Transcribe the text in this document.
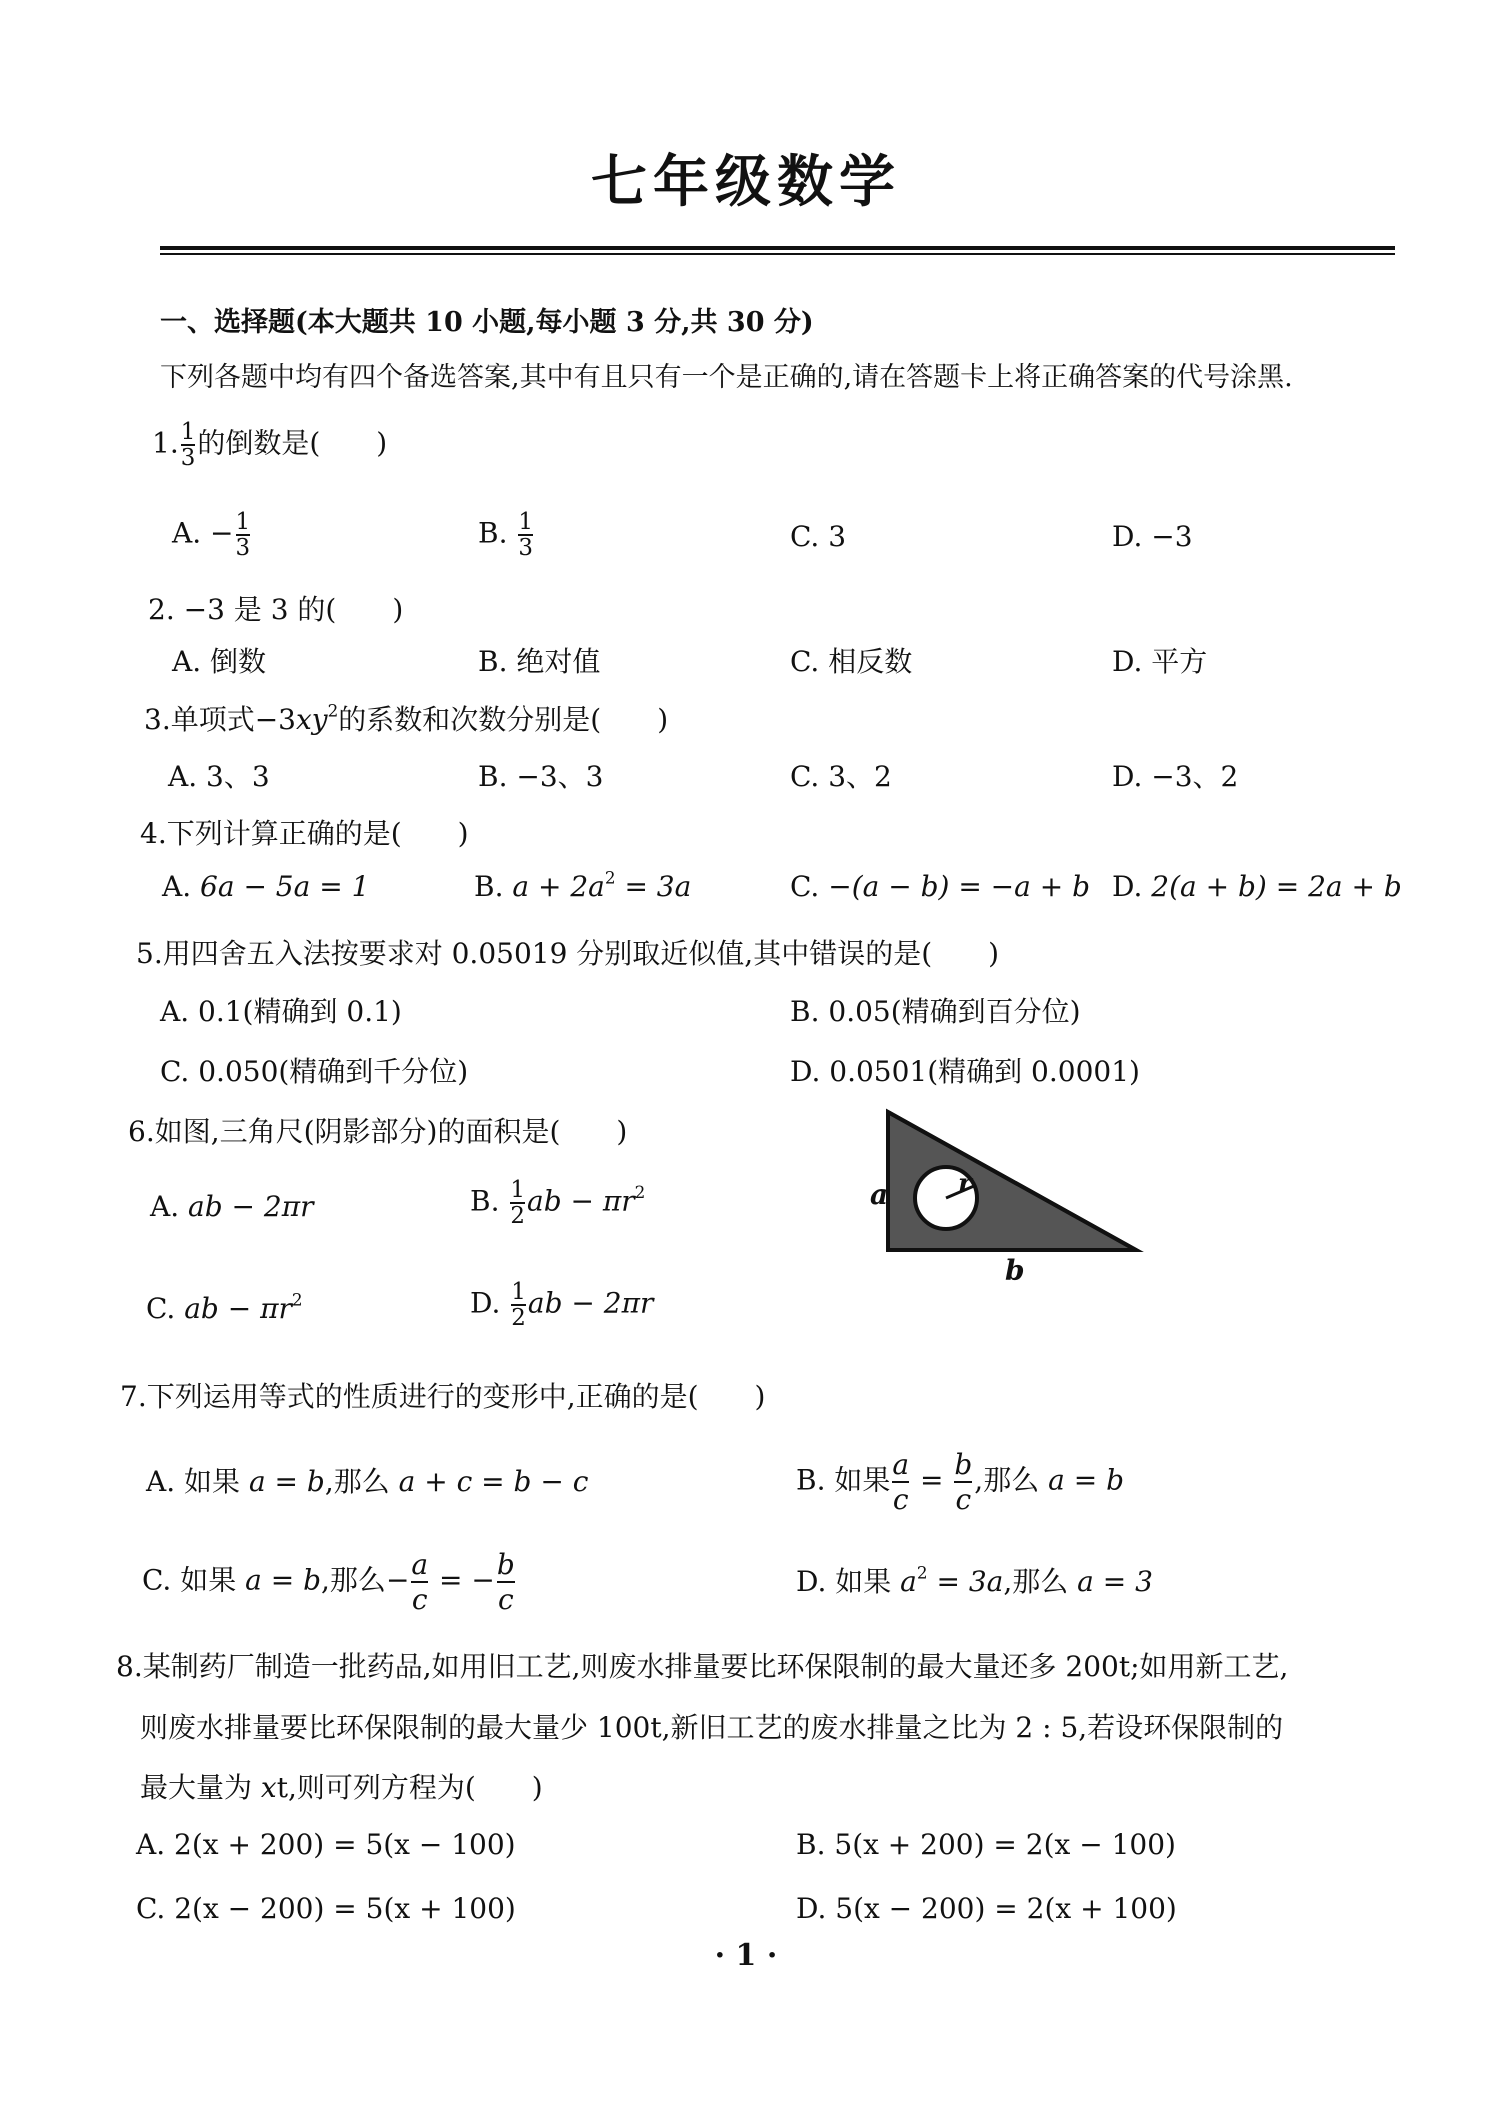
七年级数学
一、选择题(本大题共 10 小题,每小题 3 分,共 30 分)
下列各题中均有四个备选答案,其中有且只有一个是正确的,请在答题卡上将正确答案的代号涂黑.
1. $\frac{1}{3}$ 的倒数是(　　)
A. − $\frac{1}{3}$	B. $\frac{1}{3}$	C. 3	D. −3
2. −3 是 3 的(　　)
A. 倒数	B. 绝对值	C. 相反数	D. 平方
3.单项式$-3xy^2$的系数和次数分别是(　　)
A. 3、3	B. −3、3	C. 3、2	D. −3、2
4.下列计算正确的是(　　)
A. 6a − 5a = 1	B. $a + 2a^2 = 3a$	C. −(a − b) = −a + b D. 2(a + b) = 2a + b
5.用四舍五入法按要求对 0.05019 分别取近似值,其中错误的是(　　)
A. 0.1(精确到 0.1)	B. 0.05(精确到百分位)
C. 0.050(精确到千分位)	D. 0.0501(精确到 0.0001)
6.如图,三角尺(阴影部分)的面积是(　　)
A. ab − 2πr	B. $\frac{1}{2}$ ab − $\pi r^2$
C. ab − $\pi r^2$	D. $\frac{1}{2}$ ab − 2πr
a	r
b
7.下列运用等式的性质进行的变形中,正确的是(　　)
A. 如果 a = b,那么 a + c = b − c	B. 如果 $\frac{a}{c} = \frac{b}{c}$ ,那么 a = b
C. 如果 a = b,那么− $\frac{a}{c}$ = − $\frac{b}{c}$	D. 如果 $a^2 = 3a$,那么 a = 3
8.某制药厂制造一批药品,如用旧工艺,则废水排量要比环保限制的最大量还多 200t;如用新工艺,
则废水排量要比环保限制的最大量少 100t,新旧工艺的废水排量之比为 2 : 5,若设环保限制的
最大量为 xt,则可列方程为(　　)
A. 2(x + 200) = 5(x − 100)	B. 5(x + 200) = 2(x − 100)
C. 2(x − 200) = 5(x + 100)	D. 5(x − 200) = 2(x + 100)
· 1 ·
